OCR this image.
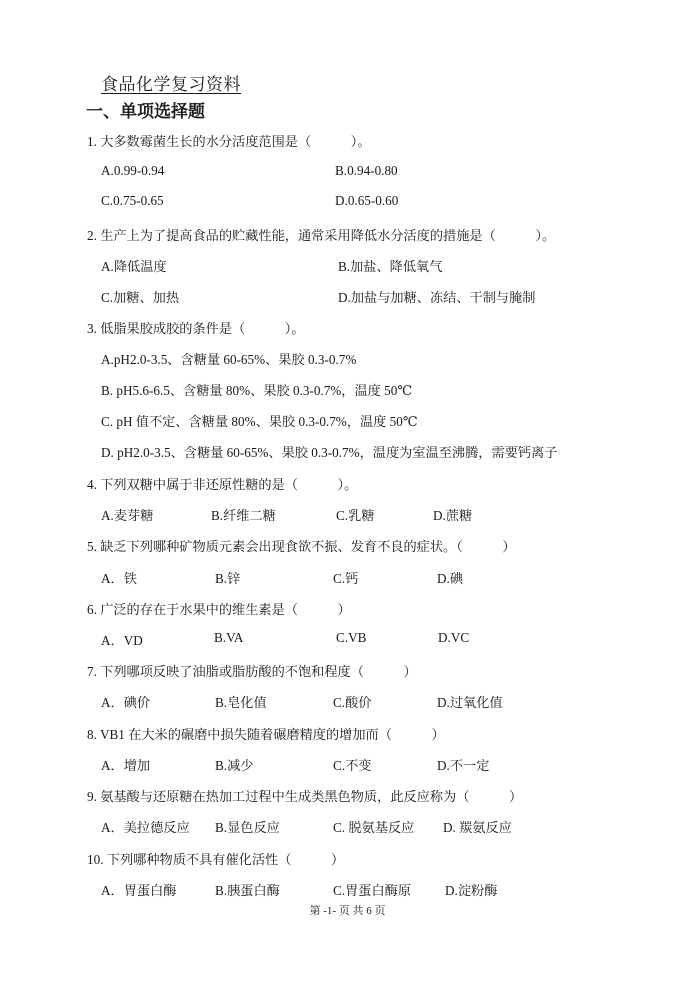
食品化学复习资料
一、单项选择题
1. 大多数霉菌生长的水分活度范围是（　　　）。
A.0.99-0.94	B.0.94-0.80
C.0.75-0.65	D.0.65-0.60
2. 生产上为了提高食品的贮藏性能，通常采用降低水分活度的措施是（　　　）。
A.降低温度	B.加盐、降低氧气
C.加糖、加热	D.加盐与加糖、冻结、干制与腌制
3. 低脂果胶成胶的条件是（　　　）。
A.pH2.0-3.5、含糖量 60-65%、果胶 0.3-0.7%
B. pH5.6-6.5、含糖量 80%、果胶 0.3-0.7%，温度 50℃
C. pH 值不定、含糖量 80%、果胶 0.3-0.7%，温度 50℃
D. pH2.0-3.5、含糖量 60-65%、果胶 0.3-0.7%，温度为室温至沸腾，需要钙离子
4. 下列双糖中属于非还原性糖的是（　　　）。
A.麦芽糖	B.纤维二糖	C.乳糖	D.蔗糖
5. 缺乏下列哪种矿物质元素会出现食欲不振、发育不良的症状。（　　　）
A．铁	B.锌	C.钙	D.碘
6. 广泛的存在于水果中的维生素是（　　　）
A．VD	B.VA	C.VB	D.VC
7. 下列哪项反映了油脂或脂肪酸的不饱和程度（　　　）
A．碘价	B.皂化值	C.酸价	D.过氧化值
8. VB1 在大米的碾磨中损失随着碾磨精度的增加而（　　　）
A．增加	B.减少	C.不变	D.不一定
9. 氨基酸与还原糖在热加工过程中生成类黑色物质，此反应称为（　　　）
A．美拉德反应 B.显色反应	C. 脱氨基反应 D. 羰氨反应
10. 下列哪种物质不具有催化活性（　　　）
A．胃蛋白酶	B.胰蛋白酶	C.胃蛋白酶原	D.淀粉酶
第 -1- 页 共 6 页
